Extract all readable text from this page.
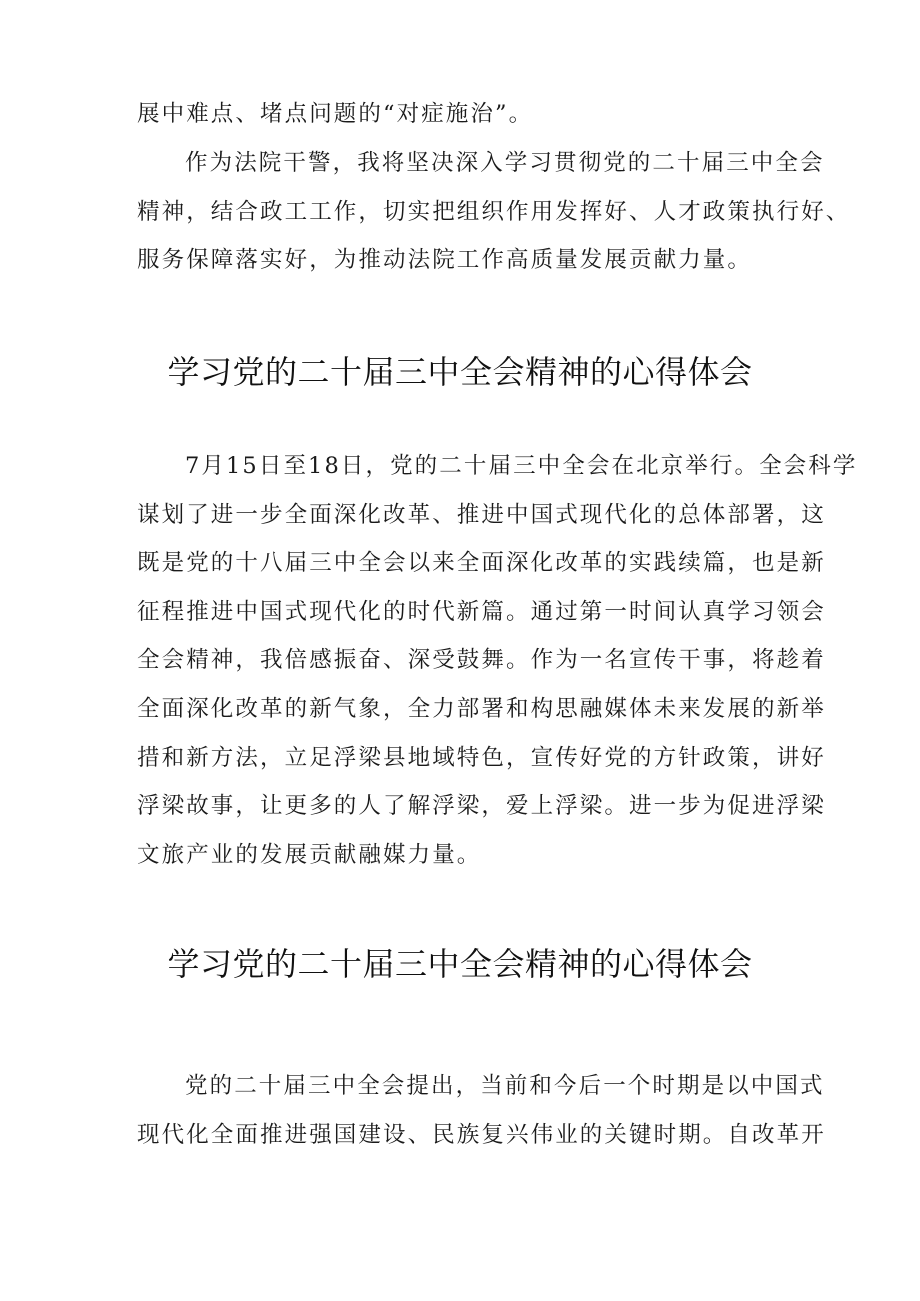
展中难点、堵点问题的“对症施治”。
作为法院干警，我将坚决深入学习贯彻党的二十届三中全会
精神，结合政工工作，切实把组织作用发挥好、人才政策执行好、
服务保障落实好，为推动法院工作高质量发展贡献力量。
学习党的二十届三中全会精神的心得体会
7月15日至18日，党的二十届三中全会在北京举行。全会科学
谋划了进一步全面深化改革、推进中国式现代化的总体部署，这
既是党的十八届三中全会以来全面深化改革的实践续篇，也是新
征程推进中国式现代化的时代新篇。通过第一时间认真学习领会
全会精神，我倍感振奋、深受鼓舞。作为一名宣传干事，将趁着
全面深化改革的新气象，全力部署和构思融媒体未来发展的新举
措和新方法，立足浮梁县地域特色，宣传好党的方针政策，讲好
浮梁故事，让更多的人了解浮梁，爱上浮梁。进一步为促进浮梁
文旅产业的发展贡献融媒力量。
学习党的二十届三中全会精神的心得体会
党的二十届三中全会提出，当前和今后一个时期是以中国式
现代化全面推进强国建设、民族复兴伟业的关键时期。自改革开
